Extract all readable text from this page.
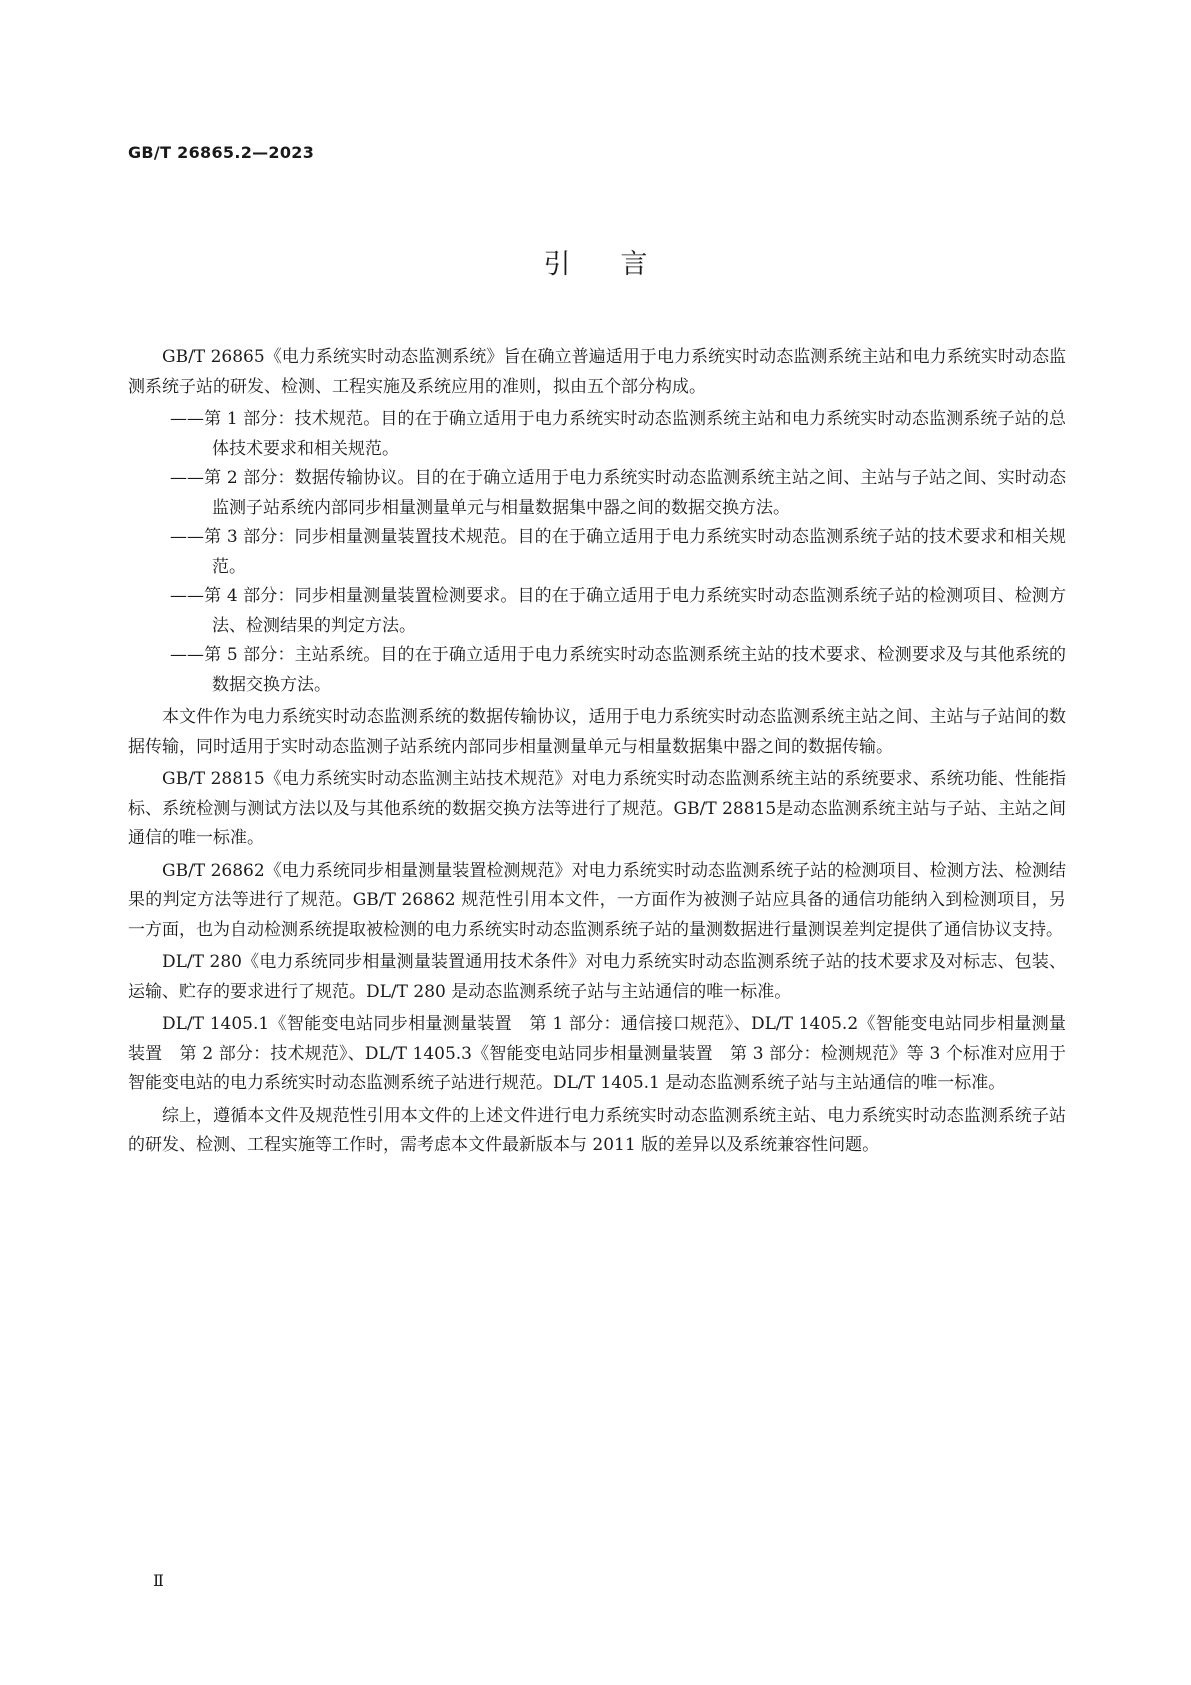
GB/T 26865.2—2023
引言

GB/T 26865《电力系统实时动态监测系统》旨在确立普遍适用于电力系统实时动态监测系统主站和电力系统实时动态监测系统子站的研发、检测、工程实施及系统应用的准则，拟由五个部分构成。

——第 1 部分：技术规范。目的在于确立适用于电力系统实时动态监测系统主站和电力系统实时动态监测系统子站的总体技术要求和相关规范。

——第 2 部分：数据传输协议。目的在于确立适用于电力系统实时动态监测系统主站之间、主站与子站之间、实时动态监测子站系统内部同步相量测量单元与相量数据集中器之间的数据交换方法。

——第 3 部分：同步相量测量装置技术规范。目的在于确立适用于电力系统实时动态监测系统子站的技术要求和相关规范。

——第 4 部分：同步相量测量装置检测要求。目的在于确立适用于电力系统实时动态监测系统子站的检测项目、检测方法、检测结果的判定方法。

——第 5 部分：主站系统。目的在于确立适用于电力系统实时动态监测系统主站的技术要求、检测要求及与其他系统的数据交换方法。

本文件作为电力系统实时动态监测系统的数据传输协议，适用于电力系统实时动态监测系统主站之间、主站与子站间的数据传输，同时适用于实时动态监测子站系统内部同步相量测量单元与相量数据集中器之间的数据传输。

GB/T 28815《电力系统实时动态监测主站技术规范》对电力系统实时动态监测系统主站的系统要求、系统功能、性能指标、系统检测与测试方法以及与其他系统的数据交换方法等进行了规范。GB/T 28815是动态监测系统主站与子站、主站之间通信的唯一标准。

GB/T 26862《电力系统同步相量测量装置检测规范》对电力系统实时动态监测系统子站的检测项目、检测方法、检测结果的判定方法等进行了规范。GB/T 26862 规范性引用本文件，一方面作为被测子站应具备的通信功能纳入到检测项目，另一方面，也为自动检测系统提取被检测的电力系统实时动态监测系统子站的量测数据进行量测误差判定提供了通信协议支持。

DL/T 280《电力系统同步相量测量装置通用技术条件》对电力系统实时动态监测系统子站的技术要求及对标志、包装、运输、贮存的要求进行了规范。DL/T 280 是动态监测系统子站与主站通信的唯一标准。

DL/T 1405.1《智能变电站同步相量测量装置　第 1 部分：通信接口规范》、DL/T 1405.2《智能变电站同步相量测量装置　第 2 部分：技术规范》、DL/T 1405.3《智能变电站同步相量测量装置　第 3 部分：检测规范》等 3 个标准对应用于智能变电站的电力系统实时动态监测系统子站进行规范。DL/T 1405.1 是动态监测系统子站与主站通信的唯一标准。

综上，遵循本文件及规范性引用本文件的上述文件进行电力系统实时动态监测系统主站、电力系统实时动态监测系统子站的研发、检测、工程实施等工作时，需考虑本文件最新版本与 2011 版的差异以及系统兼容性问题。

Ⅱ
